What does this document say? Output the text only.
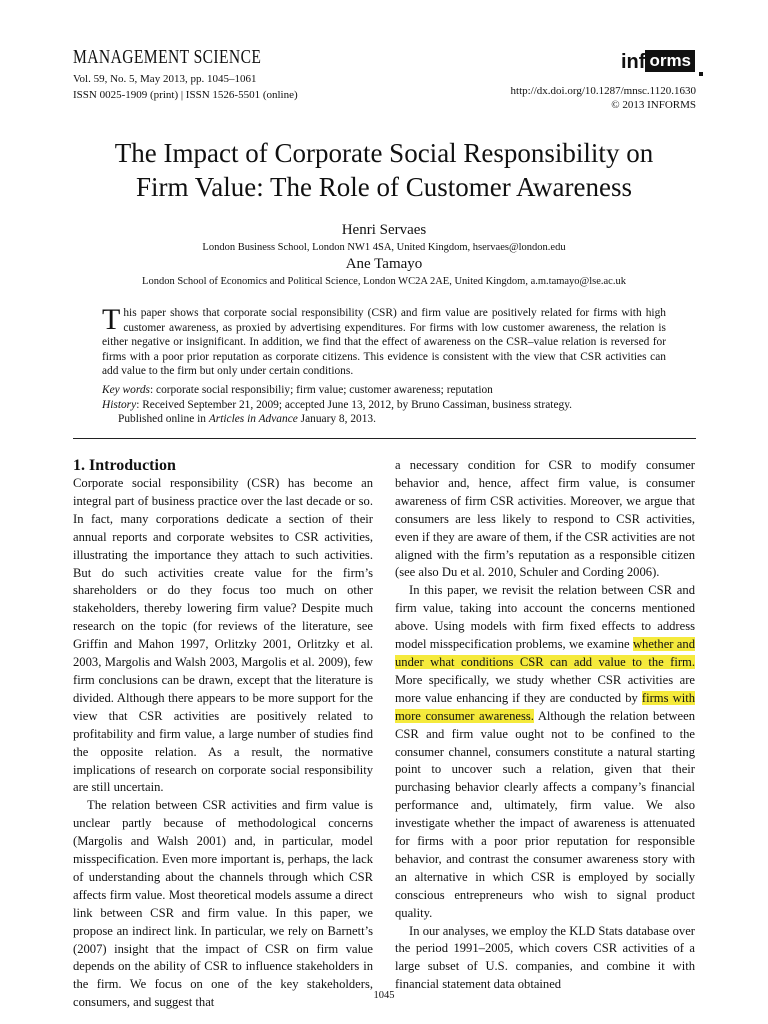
MANAGEMENT SCIENCE
Vol. 59, No. 5, May 2013, pp. 1045–1061
ISSN 0025-1909 (print) | ISSN 1526-5501 (online)
inf orms
http://dx.doi.org/10.1287/mnsc.1120.1630
© 2013 INFORMS
The Impact of Corporate Social Responsibility on
Firm Value: The Role of Customer Awareness
Henri Servaes
London Business School, London NW1 4SA, United Kingdom, hservaes@london.edu
Ane Tamayo
London School of Economics and Political Science, London WC2A 2AE, United Kingdom, a.m.tamayo@lse.ac.uk
This paper shows that corporate social responsibility (CSR) and firm value are positively related for firms with high customer awareness, as proxied by advertising expenditures. For firms with low customer awareness, the relation is either negative or insignificant. In addition, we find that the effect of awareness on the CSR–value relation is reversed for firms with a poor prior reputation as corporate citizens. This evidence is consistent with the view that CSR activities can add value to the firm but only under certain conditions.
Key words: corporate social responsibiliy; firm value; customer awareness; reputation
History: Received September 21, 2009; accepted June 13, 2012, by Bruno Cassiman, business strategy.
Published online in Articles in Advance January 8, 2013.
1. Introduction

Corporate social responsibility (CSR) has become an integral part of business practice over the last decade or so. In fact, many corporations dedicate a section of their annual reports and corporate websites to CSR activities, illustrating the importance they attach to such activities. But do such activities create value for the firm’s shareholders or do they focus too much on other stakeholders, thereby lowering firm value? Despite much research on the topic (for reviews of the literature, see Griffin and Mahon 1997, Orlitzky 2001, Orlitzky et al. 2003, Margolis and Walsh 2003, Margolis et al. 2009), few firm conclusions can be drawn, except that the literature is divided. Although there appears to be more support for the view that CSR activities are positively related to profitability and firm value, a large number of studies find the opposite relation. As a result, the normative implications of research on corporate social responsibility are still uncertain.

The relation between CSR activities and firm value is unclear partly because of methodological concerns (Margolis and Walsh 2001) and, in particular, model misspecification. Even more important is, perhaps, the lack of understanding about the channels through which CSR affects firm value. Most theoretical models assume a direct link between CSR and firm value. In this paper, we propose an indirect link. In particular, we rely on Barnett’s (2007) insight that the impact of CSR on firm value depends on the ability of CSR to influence stakeholders in the firm. We focus on one of the key stakeholders, consumers, and suggest that

a necessary condition for CSR to modify consumer behavior and, hence, affect firm value, is consumer awareness of firm CSR activities. Moreover, we argue that consumers are less likely to respond to CSR activities, even if they are aware of them, if the CSR activities are not aligned with the firm’s reputation as a responsible citizen (see also Du et al. 2010, Schuler and Cording 2006).

In this paper, we revisit the relation between CSR and firm value, taking into account the concerns mentioned above. Using models with firm fixed effects to address model misspecification problems, we examine whether and under what conditions CSR can add value to the firm. More specifically, we study whether CSR activities are more value enhancing if they are conducted by firms with more consumer awareness. Although the relation between CSR and firm value ought not to be confined to the consumer channel, consumers constitute a natural starting point to uncover such a relation, given that their purchasing behavior clearly affects a company’s financial performance and, ultimately, firm value. We also investigate whether the impact of awareness is attenuated for firms with a poor prior reputation for responsible behavior, and contrast the consumer awareness story with an alternative in which CSR is employed by socially conscious entrepreneurs who wish to signal product quality.

In our analyses, we employ the KLD Stats database over the period 1991–2005, which covers CSR activities of a large subset of U.S. companies, and combine it with financial statement data obtained

1045
